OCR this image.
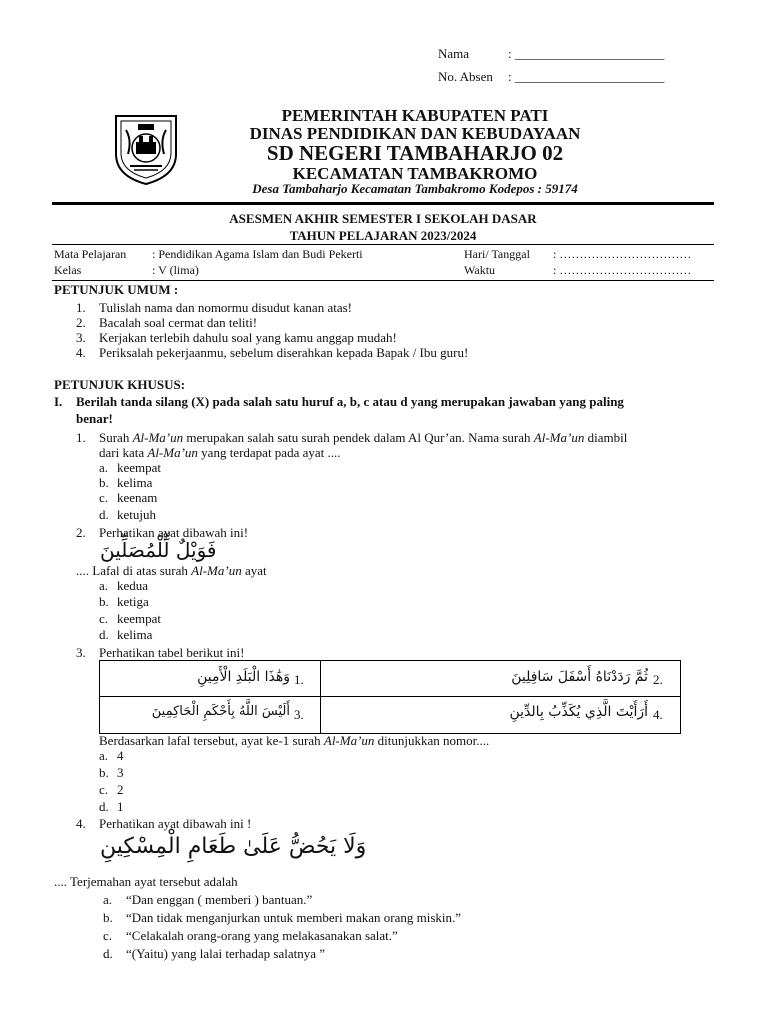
Nama	: _______________________
No. Absen : _______________________
PEMERINTAH KABUPATEN PATI
DINAS PENDIDIKAN DAN KEBUDAYAAN
SD NEGERI TAMBAHARJO 02
KECAMATAN TAMBAKROMO
Desa Tambaharjo Kecamatan Tambakromo Kodepos : 59174
ASESMEN AKHIR SEMESTER I SEKOLAH DASAR
TAHUN PELAJARAN 2023/2024
Mata Pelajaran : Pendidikan Agama Islam dan Budi Pekerti	Hari/ Tanggal : ……………………………
Kelas	: V (lima)	Waktu	: ……………………………
PETUNJUK UMUM :
1. Tulislah nama dan nomormu disudut kanan atas!
2. Bacalah soal cermat dan teliti!
3. Kerjakan terlebih dahulu soal yang kamu anggap mudah!
4. Periksalah pekerjaanmu, sebelum diserahkan kepada Bapak / Ibu guru!
PETUNJUK KHUSUS:
I. Berilah tanda silang (X) pada salah satu huruf a, b, c atau d yang merupakan jawaban yang paling
benar!
1. Surah Al-Ma’un merupakan salah satu surah pendek dalam Al Qur’an. Nama surah Al-Ma’un diambil
dari kata Al-Ma’un yang terdapat pada ayat ....
a. keempat
b. kelima
c. keenam
d. ketujuh
2. Perhatikan ayat dibawah ini!
فَوَيْلٌ لِّلْمُصَلِّينَ
.... Lafal di atas surah Al-Ma’un ayat
a. kedua
b. ketiga
c. keempat
d. kelima
3. Perhatikan tabel berikut ini!
وَهَٰذَا الْبَلَدِ الْأَمِينِ 1.	ثُمَّ رَدَدْنَاهُ أَسْفَلَ سَافِلِينَ 2.
أَلَيْسَ اللَّهُ بِأَحْكَمِ الْحَاكِمِينَ 3.	أَرَأَيْتَ الَّذِي يُكَذِّبُ بِالدِّينِ 4.
Berdasarkan lafal tersebut, ayat ke-1 surah Al-Ma’un ditunjukkan nomor....
a. 4
b. 3
c. 2
d. 1
4. Perhatikan ayat dibawah ini !
وَلَا يَحُضُّ عَلَىٰ طَعَامِ الْمِسْكِينِ
.... Terjemahan ayat tersebut adalah
a. “Dan enggan ( memberi ) bantuan.”
b. “Dan tidak menganjurkan untuk memberi makan orang miskin.”
c. “Celakalah orang-orang yang melakasanakan salat.”
d. “(Yaitu) yang lalai terhadap salatnya ”
